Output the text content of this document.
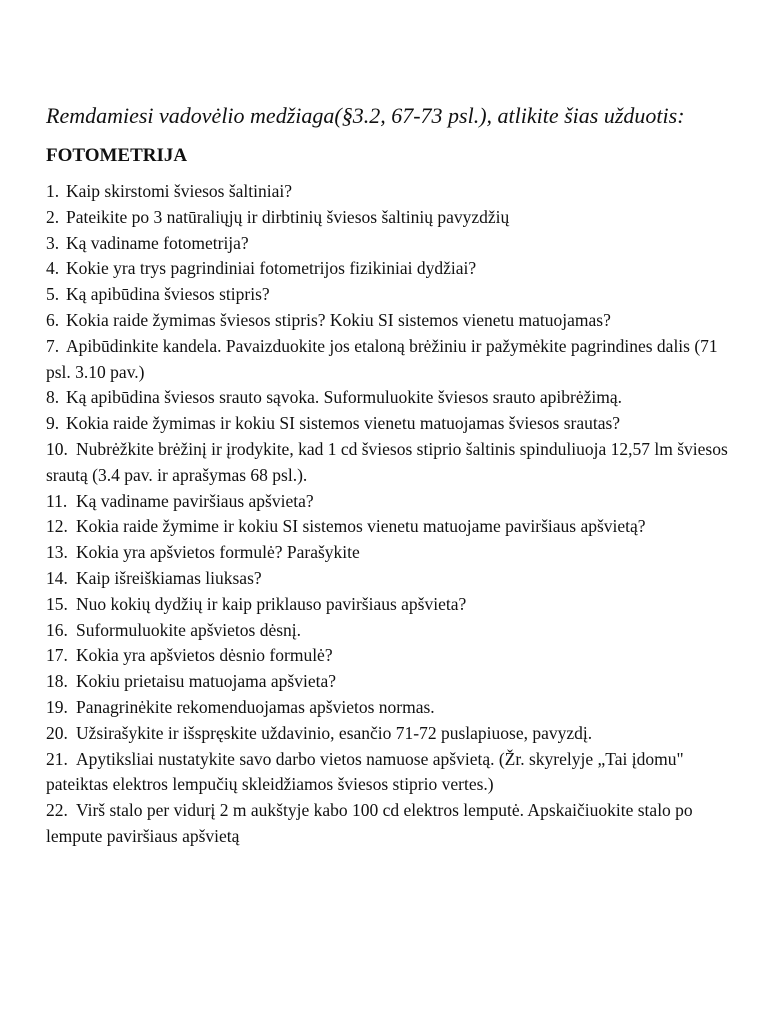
Remdamiesi vadovėlio medžiaga(§3.2, 67-73 psl.), atlikite šias užduotis:

FOTOMETRIJA
1. Kaip skirstomi šviesos šaltiniai?
2. Pateikite po 3 natūraliųjų ir dirbtinių šviesos šaltinių pavyzdžių
3. Ką vadiname fotometrija?
4. Kokie yra trys pagrindiniai fotometrijos fizikiniai dydžiai?
5. Ką apibūdina šviesos stipris?
6. Kokia raide žymimas šviesos stipris? Kokiu SI sistemos vienetu matuojamas?
7. Apibūdinkite kandela. Pavaizduokite jos etaloną brėžiniu ir pažymėkite pagrindines dalis (71 psl. 3.10 pav.)
8. Ką apibūdina šviesos srauto sąvoka. Suformuluokite šviesos srauto apibrėžimą.
9. Kokia raide žymimas ir kokiu SI sistemos vienetu matuojamas šviesos srautas?
10. Nubrėžkite brėžinį ir įrodykite, kad 1 cd šviesos stiprio šaltinis spinduliuoja 12,57 lm šviesos srautą (3.4 pav. ir aprašymas 68 psl.).
11. Ką vadiname paviršiaus apšvieta?
12. Kokia raide žymime ir kokiu SI sistemos vienetu matuojame paviršiaus apšvietą?
13. Kokia yra apšvietos formulė? Parašykite
14. Kaip išreiškiamas liuksas?
15. Nuo kokių dydžių ir kaip priklauso paviršiaus apšvieta?
16. Suformuluokite apšvietos dėsnį.
17. Kokia yra apšvietos dėsnio formulė?
18. Kokiu prietaisu matuojama apšvieta?
19. Panagrinėkite rekomenduojamas apšvietos normas.
20. Užsirašykite ir išspręskite uždavinio, esančio 71-72 puslapiuose, pavyzdį.
21. Apytiksliai nustatykite savo darbo vietos namuose apšvietą. (Žr. skyrelyje „Tai įdomu" pateiktas elektros lempučių skleidžiamos šviesos stiprio vertes.)
22. Virš stalo per vidurį 2 m aukštyje kabo 100 cd elektros lemputė. Apskaičiuokite stalo po lempute paviršiaus apšvietą
